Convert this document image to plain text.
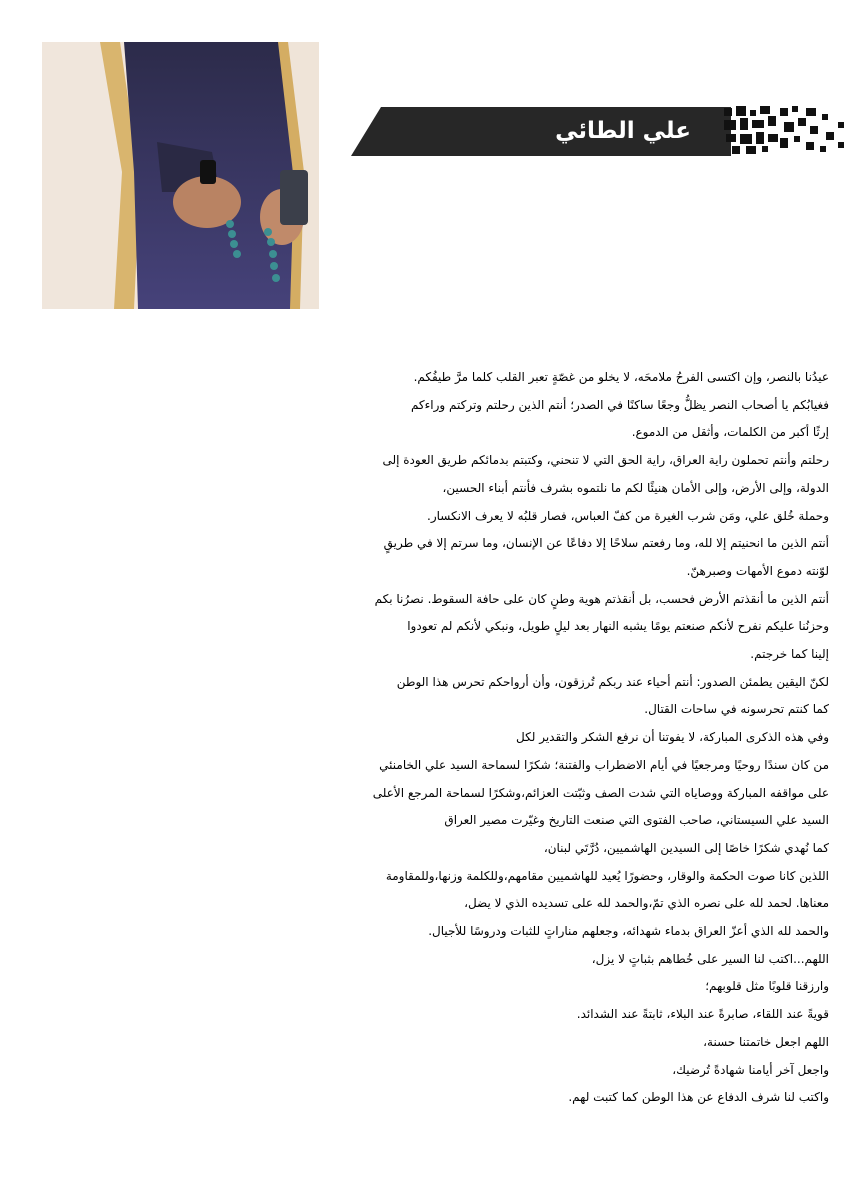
علي الطائي
عيدُنا بالنصر، وإن اكتسى الفرحُ ملامحَه، لا يخلو من غصّةٍ تعبر القلب كلما مرَّ طيفُكم.
فغيابُكم يا أصحاب النصر يظلُّ وجعًا ساكنًا في الصدر؛ أنتم الذين رحلتم وتركتم وراءكم
إرثًا أكبر من الكلمات، وأثقل من الدموع.
رحلتم وأنتم تحملون راية العراق، راية الحق التي لا تنحني، وكتبتم بدمائكم طريق العودة إلى
الدولة، وإلى الأرض، وإلى الأمان هنيئًا لكم ما نلتموه بشرف فأنتم أبناء الحسين،
وحملة خُلق علي، ومَن شرب الغيرة من كفّ العباس، فصار قلبُه لا يعرف الانكسار.
أنتم الذين ما انحنيتم إلا لله، وما رفعتم سلاحًا إلا دفاعًا عن الإنسان، وما سرتم إلا في طريقٍ
لوّنته دموع الأمهات وصبرهنّ.
أنتم الذين ما أنقذتم الأرض فحسب، بل أنقذتم هوية وطنٍ كان على حافة السقوط. نصرُنا بكم
وحزنُنا عليكم نفرح لأنكم صنعتم يومًا يشبه النهار بعد ليلٍ طويل، ونبكي لأنكم لم تعودوا
إلينا كما خرجتم.
لكنّ اليقين يطمئن الصدور: أنتم أحياء عند ربكم تُرزقون، وأن أرواحكم تحرس هذا الوطن
كما كنتم تحرسونه في ساحات القتال.
وفي هذه الذكرى المباركة، لا يفوتنا أن نرفع الشكر والتقدير لكل
من كان سندًا روحيًا ومرجعيًا في أيام الاضطراب والفتنة؛ شكرًا لسماحة السيد علي الخامنئي
على مواقفه المباركة ووصاياه التي شدت الصف وثبّتت العزائم،وشكرًا لسماحة المرجع الأعلى
السيد علي السيستاني، صاحب الفتوى التي صنعت التاريخ وغيّرت مصير العراق
كما نُهدي شكرًا خاصًا إلى السيدين الهاشميين، دُرَّتَي لبنان،
اللذين كانا صوت الحكمة والوقار، وحضورًا يُعيد للهاشميين مقامهم،وللكلمة وزنها،وللمقاومة
معناها. لحمد لله على نصره الذي تمّ،والحمد لله على تسديده الذي لا يضل،
والحمد لله الذي أعزّ العراق بدماء شهدائه، وجعلهم مناراتٍ للثبات ودروسًا للأجيال.
اللهم...اكتب لنا السير على خُطاهم بثباتٍ لا يزل،
وارزقنا قلوبًا مثل قلوبهم؛
قويةً عند اللقاء، صابرةً عند البلاء، ثابتةً عند الشدائد.
اللهم اجعل خاتمتنا حسنة،
واجعل آخر أيامنا شهادةً تُرضيك،
واكتب لنا شرف الدفاع عن هذا الوطن كما كتبت لهم.
